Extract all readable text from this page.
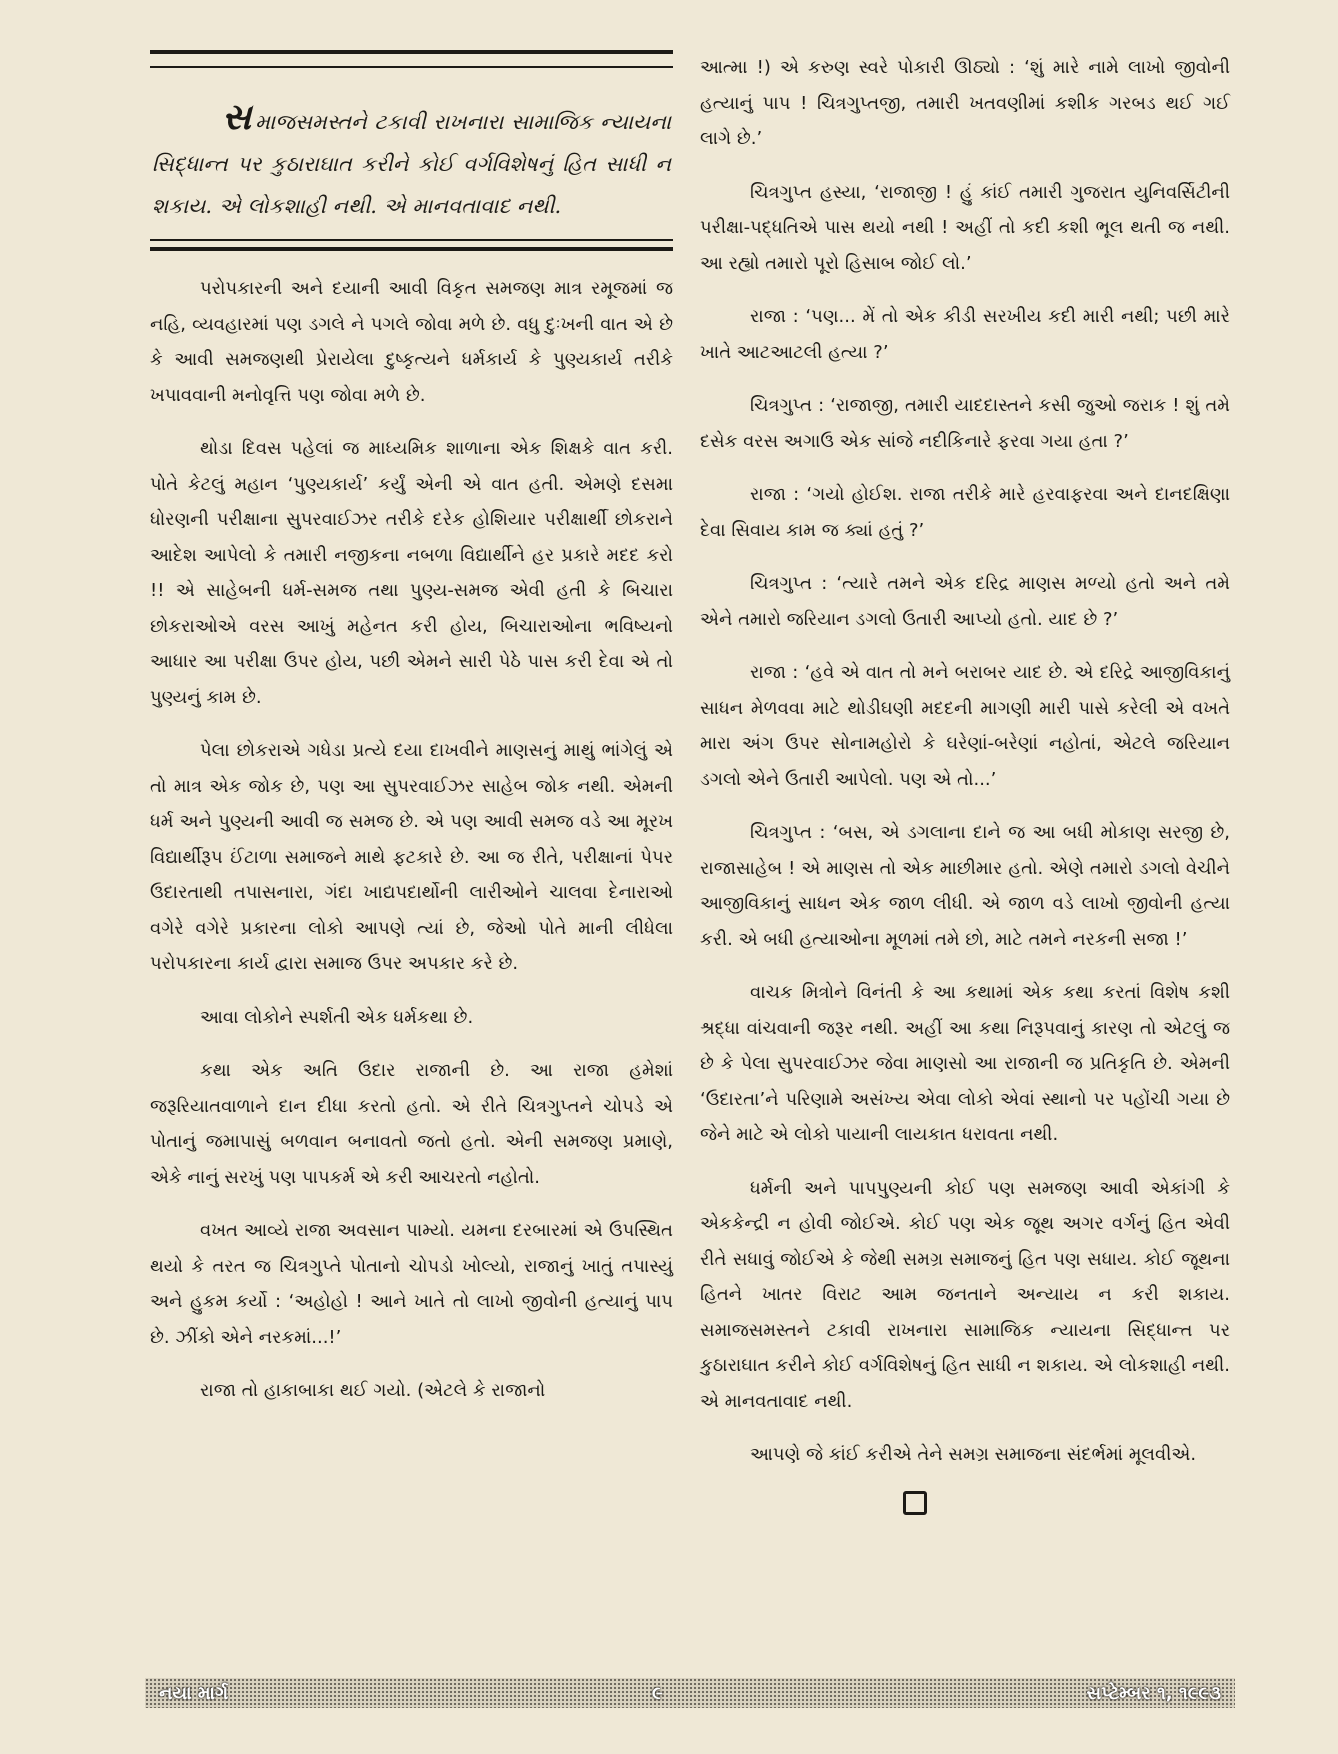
સમાજસમસ્તને ટકાવી રાખનારા સામાજિક ન્યાયના સિદ્ધાન્ત પર કુઠારાઘાત કરીને કોઈ વર્ગવિશેષનું હિત સાધી ન શકાય. એ લોકશાહી નથી. એ માનવતાવાદ નથી.

પરોપકારની અને દયાની આવી વિકૃત સમજણ માત્ર રમૂજમાં જ નહિ, વ્યવહારમાં પણ ડગલે ને પગલે જોવા મળે છે. વધુ દુઃખની વાત એ છે કે આવી સમજણથી પ્રેરાયેલા દુષ્કૃત્યને ધર્મકાર્ય કે પુણ્યકાર્ય તરીકે ખપાવવાની મનોવૃત્તિ પણ જોવા મળે છે.

થોડા દિવસ પહેલાં જ માધ્યમિક શાળાના એક શિક્ષકે વાત કરી. પોતે કેટલું મહાન ‘પુણ્યકાર્ય’ કર્યું એની એ વાત હતી. એમણે દસમા ધોરણની પરીક્ષાના સુપરવાઈઝર તરીકે દરેક હોશિયાર પરીક્ષાર્થી છોકરાને આદેશ આપેલો કે તમારી નજીકના નબળા વિદ્યાર્થીને હર પ્રકારે મદદ કરો !! એ સાહેબની ધર્મ-સમજ તથા પુણ્ય-સમજ એવી હતી કે બિચારા છોકરાઓએ વરસ આખું મહેનત કરી હોય, બિચારાઓના ભવિષ્યનો આધાર આ પરીક્ષા ઉપર હોય, પછી એમને સારી પેઠે પાસ કરી દેવા એ તો પુણ્યનું કામ છે.

પેલા છોકરાએ ગધેડા પ્રત્યે દયા દાખવીને માણસનું માથું ભાંગેલું એ તો માત્ર એક જોક છે, પણ આ સુપરવાઈઝર સાહેબ જોક નથી. એમની ધર્મ અને પુણ્યની આવી જ સમજ છે. એ પણ આવી સમજ વડે આ મૂરખ વિદ્યાર્થીરૂપ ઈંટાળા સમાજને માથે ફટકારે છે. આ જ રીતે, પરીક્ષાનાં પેપર ઉદારતાથી તપાસનારા, ગંદા ખાદ્યપદાર્થોની લારીઓને ચાલવા દેનારાઓ વગેરે વગેરે પ્રકારના લોકો આપણે ત્યાં છે, જેઓ પોતે માની લીધેલા પરોપકારના કાર્ય દ્વારા સમાજ ઉપર અપકાર કરે છે.

આવા લોકોને સ્પર્શતી એક ધર્મકથા છે.

કથા એક અતિ ઉદાર રાજાની છે. આ રાજા હમેશાં જરૂરિયાતવાળાને દાન દીધા કરતો હતો. એ રીતે ચિત્રગુપ્તને ચોપડે એ પોતાનું જમાપાસું બળવાન બનાવતો જતો હતો. એની સમજણ પ્રમાણે, એકે નાનું સરખું પણ પાપકર્મ એ કરી આચરતો નહોતો.

વખત આવ્યે રાજા અવસાન પામ્યો. યમના દરબારમાં એ ઉપસ્થિત થયો કે તરત જ ચિત્રગુપ્તે પોતાનો ચોપડો ખોલ્યો, રાજાનું ખાતું તપાસ્યું અને હુકમ કર્યો : ‘અહોહો ! આને ખાતે તો લાખો જીવોની હત્યાનું પાપ છે. ઝીંકો એને નરકમાં...!’

રાજા તો હાકાબાકા થઈ ગયો. (એટલે કે રાજાનો

આત્મા !) એ કરુણ સ્વરે પોકારી ઊઠ્યો : ‘શું મારે નામે લાખો જીવોની હત્યાનું પાપ ! ચિત્રગુપ્તજી, તમારી ખતવણીમાં કશીક ગરબડ થઈ ગઈ લાગે છે.’

ચિત્રગુપ્ત હસ્યા, ‘રાજાજી ! હું કાંઈ તમારી ગુજરાત યુનિવર્સિટીની પરીક્ષા-પદ્ધતિએ પાસ થયો નથી ! અહીં તો કદી કશી ભૂલ થતી જ નથી. આ રહ્યો તમારો પૂરો હિસાબ જોઈ લો.’

રાજા : ‘પણ... મેં તો એક કીડી સરખીય કદી મારી નથી; પછી મારે ખાતે આટઆટલી હત્યા ?’

ચિત્રગુપ્ત : ‘રાજાજી, તમારી યાદદાસ્તને કસી જુઓ જરાક ! શું તમે દસેક વરસ અગાઉ એક સાંજે નદીકિનારે ફરવા ગયા હતા ?’

રાજા : ‘ગયો હોઈશ. રાજા તરીકે મારે હરવાફરવા અને દાનદક્ષિણા દેવા સિવાય કામ જ ક્યાં હતું ?’

ચિત્રગુપ્ત : ‘ત્યારે તમને એક દરિદ્ર માણસ મળ્યો હતો અને તમે એને તમારો જરિયાન ડગલો ઉતારી આપ્યો હતો. યાદ છે ?’

રાજા : ‘હવે એ વાત તો મને બરાબર યાદ છે. એ દરિદ્રે આજીવિકાનું સાધન મેળવવા માટે થોડીઘણી મદદની માગણી મારી પાસે કરેલી એ વખતે મારા અંગ ઉપર સોનામહોરો કે ઘરેણાં-બરેણાં નહોતાં, એટલે જરિયાન ડગલો એને ઉતારી આપેલો. પણ એ તો...’

ચિત્રગુપ્ત : ‘બસ, એ ડગલાના દાને જ આ બધી મોકાણ સરજી છે, રાજાસાહેબ ! એ માણસ તો એક માછીમાર હતો. એણે તમારો ડગલો વેચીને આજીવિકાનું સાધન એક જાળ લીધી. એ જાળ વડે લાખો જીવોની હત્યા કરી. એ બધી હત્યાઓના મૂળમાં તમે છો, માટે તમને નરકની સજા !’

વાચક મિત્રોને વિનંતી કે આ કથામાં એક કથા કરતાં વિશેષ કશી શ્રદ્ધા વાંચવાની જરૂર નથી. અહીં આ કથા નિરૂપવાનું કારણ તો એટલું જ છે કે પેલા સુપરવાઈઝર જેવા માણસો આ રાજાની જ પ્રતિકૃતિ છે. એમની ‘ઉદારતા’ને પરિણામે અસંખ્ય એવા લોકો એવાં સ્થાનો પર પહોંચી ગયા છે જેને માટે એ લોકો પાયાની લાયકાત ધરાવતા નથી.

ધર્મની અને પાપપુણ્યની કોઈ પણ સમજણ આવી એકાંગી કે એકકેન્દ્રી ન હોવી જોઈએ. કોઈ પણ એક જૂથ અગર વર્ગનું હિત એવી રીતે સધાવું જોઈએ કે જેથી સમગ્ર સમાજનું હિત પણ સધાય. કોઈ જૂથના હિતને ખાતર વિરાટ આમ જનતાને અન્યાય ન કરી શકાય. સમાજસમસ્તને ટકાવી રાખનારા સામાજિક ન્યાયના સિદ્ધાન્ત પર કુઠારાઘાત કરીને કોઈ વર્ગવિશેષનું હિત સાધી ન શકાય. એ લોકશાહી નથી. એ માનવતાવાદ નથી.

આપણે જે કાંઈ કરીએ તેને સમગ્ર સમાજના સંદર્ભમાં મૂલવીએ.

નયા માર્ગ	૯	સપ્ટેમ્બર ૧, ૧૯૯૩
